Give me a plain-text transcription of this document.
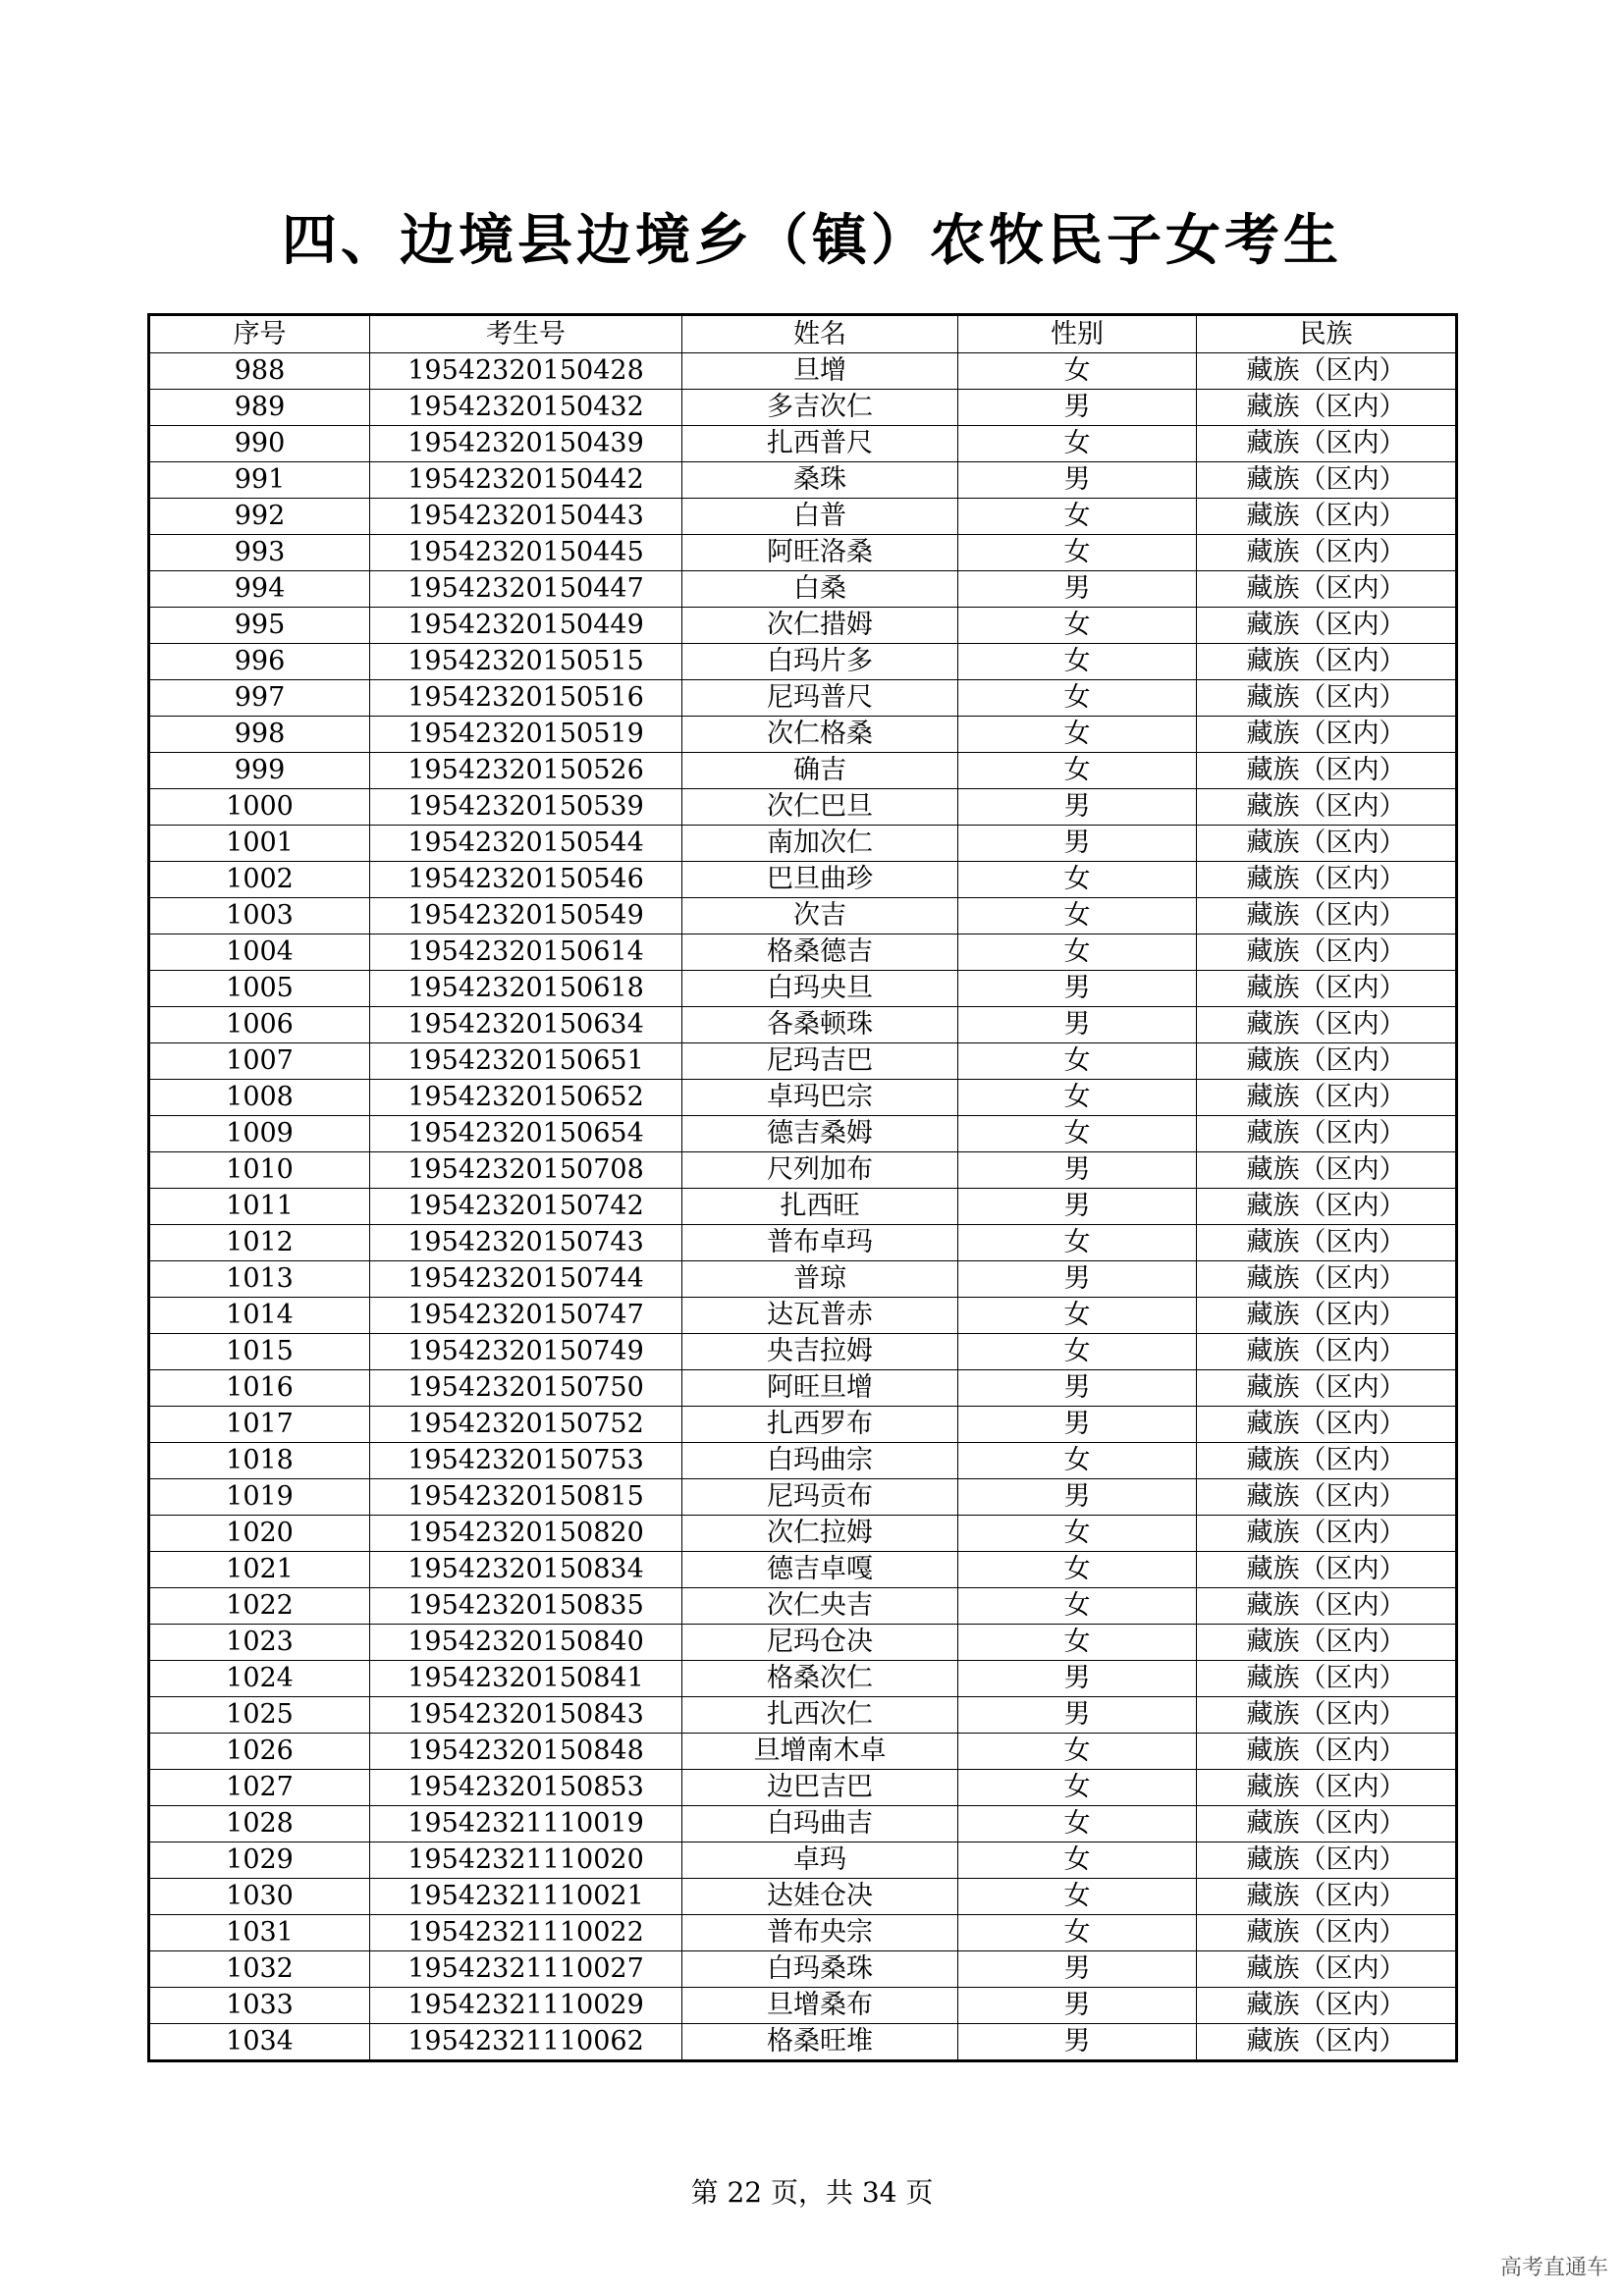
四、边境县边境乡（镇）农牧民子女考生
序号	考生号	姓名	性别	民族
988	19542320150428	旦增	女	藏族（区内）
989	19542320150432	多吉次仁	男	藏族（区内）
990	19542320150439	扎西普尺	女	藏族（区内）
991	19542320150442	桑珠	男	藏族（区内）
992	19542320150443	白普	女	藏族（区内）
993	19542320150445	阿旺洛桑	女	藏族（区内）
994	19542320150447	白桑	男	藏族（区内）
995	19542320150449	次仁措姆	女	藏族（区内）
996	19542320150515	白玛片多	女	藏族（区内）
997	19542320150516	尼玛普尺	女	藏族（区内）
998	19542320150519	次仁格桑	女	藏族（区内）
999	19542320150526	确吉	女	藏族（区内）
1000	19542320150539	次仁巴旦	男	藏族（区内）
1001	19542320150544	南加次仁	男	藏族（区内）
1002	19542320150546	巴旦曲珍	女	藏族（区内）
1003	19542320150549	次吉	女	藏族（区内）
1004	19542320150614	格桑德吉	女	藏族（区内）
1005	19542320150618	白玛央旦	男	藏族（区内）
1006	19542320150634	各桑顿珠	男	藏族（区内）
1007	19542320150651	尼玛吉巴	女	藏族（区内）
1008	19542320150652	卓玛巴宗	女	藏族（区内）
1009	19542320150654	德吉桑姆	女	藏族（区内）
1010	19542320150708	尺列加布	男	藏族（区内）
1011	19542320150742	扎西旺	男	藏族（区内）
1012	19542320150743	普布卓玛	女	藏族（区内）
1013	19542320150744	普琼	男	藏族（区内）
1014	19542320150747	达瓦普赤	女	藏族（区内）
1015	19542320150749	央吉拉姆	女	藏族（区内）
1016	19542320150750	阿旺旦增	男	藏族（区内）
1017	19542320150752	扎西罗布	男	藏族（区内）
1018	19542320150753	白玛曲宗	女	藏族（区内）
1019	19542320150815	尼玛贡布	男	藏族（区内）
1020	19542320150820	次仁拉姆	女	藏族（区内）
1021	19542320150834	德吉卓嘎	女	藏族（区内）
1022	19542320150835	次仁央吉	女	藏族（区内）
1023	19542320150840	尼玛仓决	女	藏族（区内）
1024	19542320150841	格桑次仁	男	藏族（区内）
1025	19542320150843	扎西次仁	男	藏族（区内）
1026	19542320150848	旦增南木卓	女	藏族（区内）
1027	19542320150853	边巴吉巴	女	藏族（区内）
1028	19542321110019	白玛曲吉	女	藏族（区内）
1029	19542321110020	卓玛	女	藏族（区内）
1030	19542321110021	达娃仓决	女	藏族（区内）
1031	19542321110022	普布央宗	女	藏族（区内）
1032	19542321110027	白玛桑珠	男	藏族（区内）
1033	19542321110029	旦增桑布	男	藏族（区内）
1034	19542321110062	格桑旺堆	男	藏族（区内）
第 22 页，共 34 页
高考直通车
